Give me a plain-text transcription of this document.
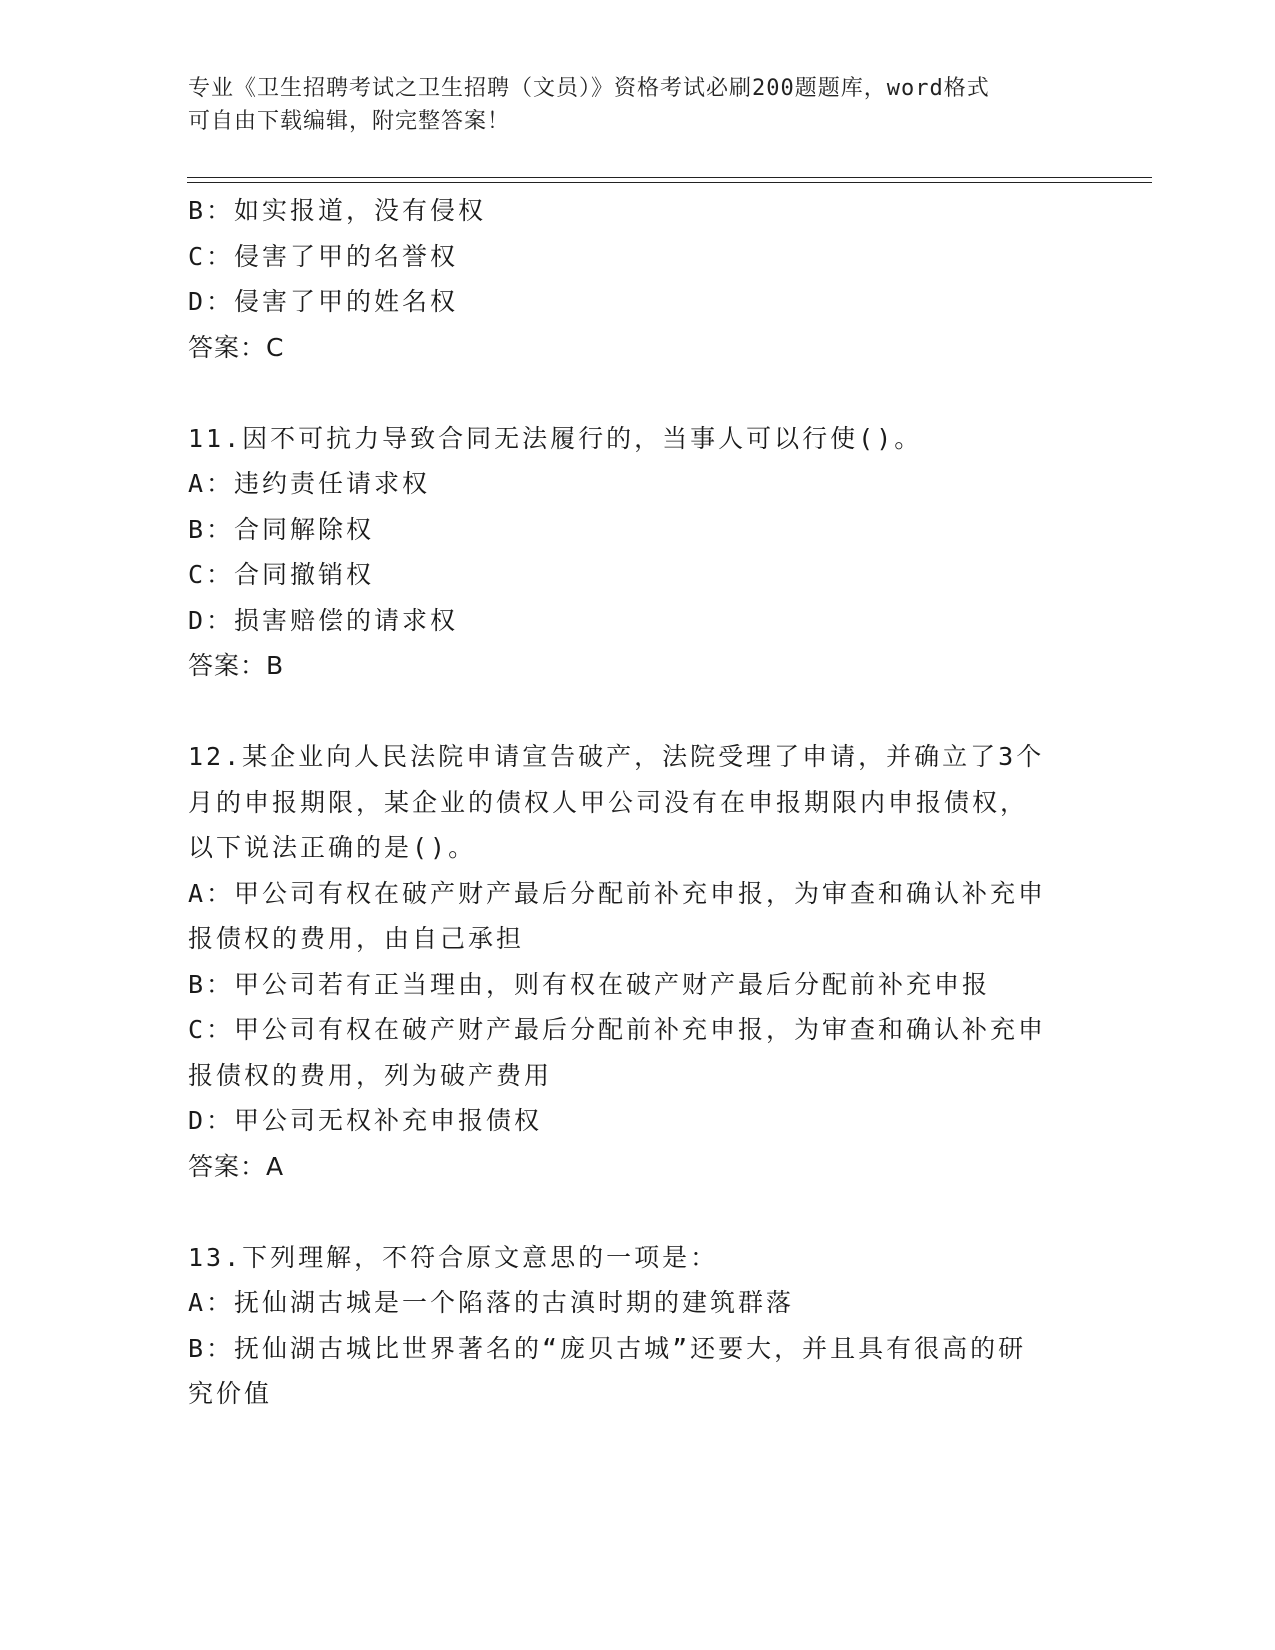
专业《卫生招聘考试之卫生招聘（文员）》资格考试必刷200题题库，word格式
可自由下载编辑，附完整答案！
B：如实报道，没有侵权
C：侵害了甲的名誉权
D：侵害了甲的姓名权
答案：C
11.因不可抗力导致合同无法履行的，当事人可以行使()。
A：违约责任请求权
B：合同解除权
C：合同撤销权
D：损害赔偿的请求权
答案：B
12.某企业向人民法院申请宣告破产，法院受理了申请，并确立了3个
月的申报期限，某企业的债权人甲公司没有在申报期限内申报债权，
以下说法正确的是()。
A：甲公司有权在破产财产最后分配前补充申报，为审查和确认补充申
报债权的费用，由自己承担
B：甲公司若有正当理由，则有权在破产财产最后分配前补充申报
C：甲公司有权在破产财产最后分配前补充申报，为审查和确认补充申
报债权的费用，列为破产费用
D：甲公司无权补充申报债权
答案：A
13.下列理解，不符合原文意思的一项是：
A：抚仙湖古城是一个陷落的古滇时期的建筑群落
B：抚仙湖古城比世界著名的“庞贝古城”还要大，并且具有很高的研
究价值
